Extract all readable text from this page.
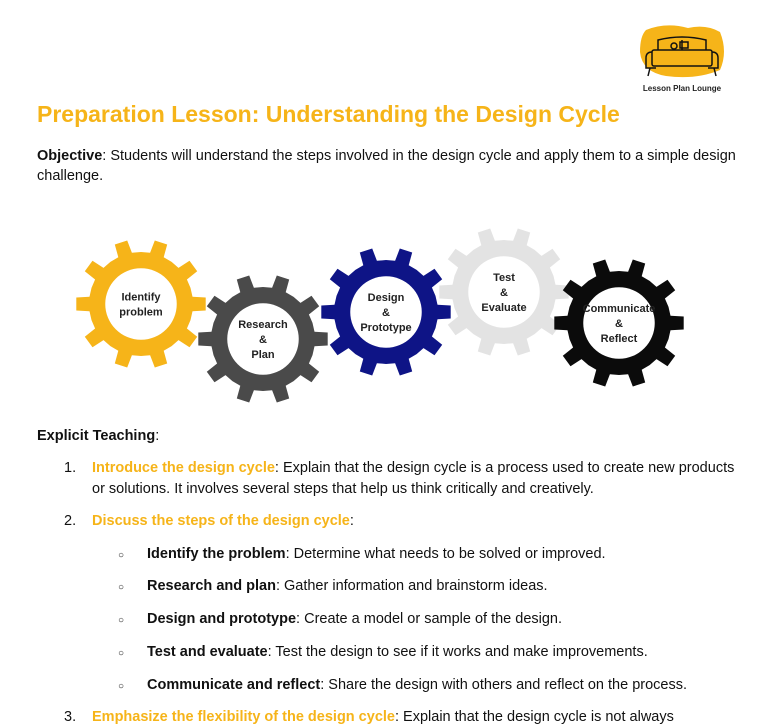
Lesson Plan Lounge
Preparation Lesson: Understanding the Design Cycle
Objective: Students will understand the steps involved in the design cycle and apply them to a simple design challenge.
Identify
problem
Research
&
Plan
Design
&
Prototype
Test
&
Evaluate	Communicate
&
Reflect
Explicit Teaching:
1.	Introduce the design cycle: Explain that the design cycle is a process used to create new products or solutions. It involves several steps that help us think critically and creatively.
2.	Discuss the steps of the design cycle:
○ Identify the problem: Determine what needs to be solved or improved.
○ Research and plan: Gather information and brainstorm ideas.
○ Design and prototype: Create a model or sample of the design.
○ Test and evaluate: Test the design to see if it works and make improvements.
○ Communicate and reflect: Share the design with others and reflect on the process.
3.	Emphasize the flexibility of the design cycle: Explain that the design cycle is not always
